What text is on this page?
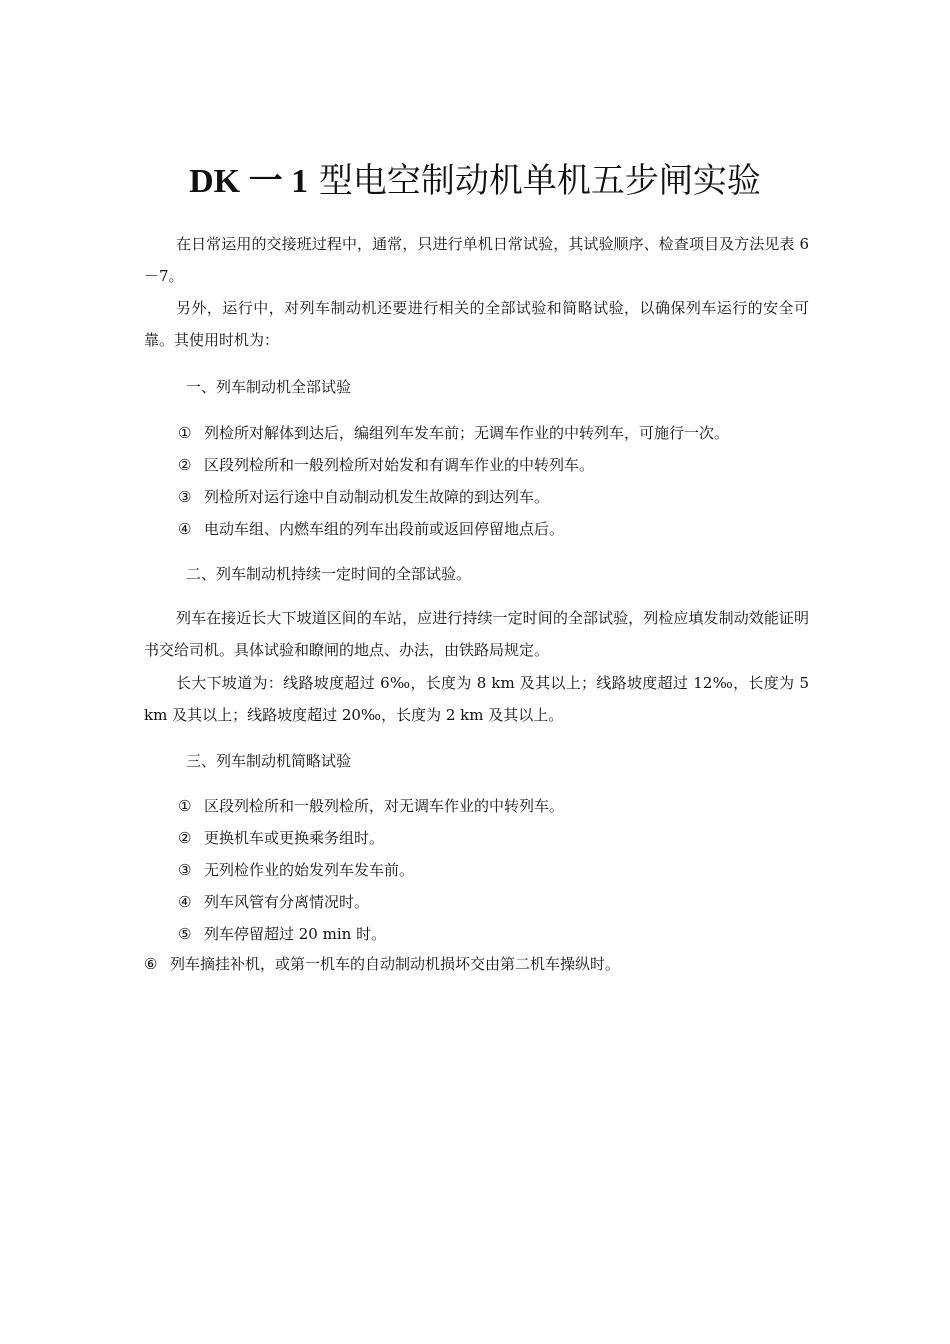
DK 一 1 型电空制动机单机五步闸实验

在日常运用的交接班过程中，通常，只进行单机日常试验，其试验顺序、检查项目及方法见表 6－7。

另外，运行中，对列车制动机还要进行相关的全部试验和简略试验，以确保列车运行的安全可靠。其使用时机为：

一、列车制动机全部试验
① 列检所对解体到达后，编组列车发车前；无调车作业的中转列车，可施行一次。
② 区段列检所和一般列检所对始发和有调车作业的中转列车。
③ 列检所对运行途中自动制动机发生故障的到达列车。
④ 电动车组、内燃车组的列车出段前或返回停留地点后。
二、列车制动机持续一定时间的全部试验。

列车在接近长大下坡道区间的车站，应进行持续一定时间的全部试验，列检应填发制动效能证明书交给司机。具体试验和瞭闸的地点、办法，由铁路局规定。

长大下坡道为：线路坡度超过 6‰，长度为 8 km 及其以上；线路坡度超过 12‰，长度为 5 km 及其以上；线路坡度超过 20‰，长度为 2 km 及其以上。

三、列车制动机简略试验
① 区段列检所和一般列检所，对无调车作业的中转列车。
② 更换机车或更换乘务组时。
③ 无列检作业的始发列车发车前。
④ 列车风管有分离情况时。
⑤ 列车停留超过 20 min 时。
⑥ 列车摘挂补机，或第一机车的自动制动机损坏交由第二机车操纵时。
